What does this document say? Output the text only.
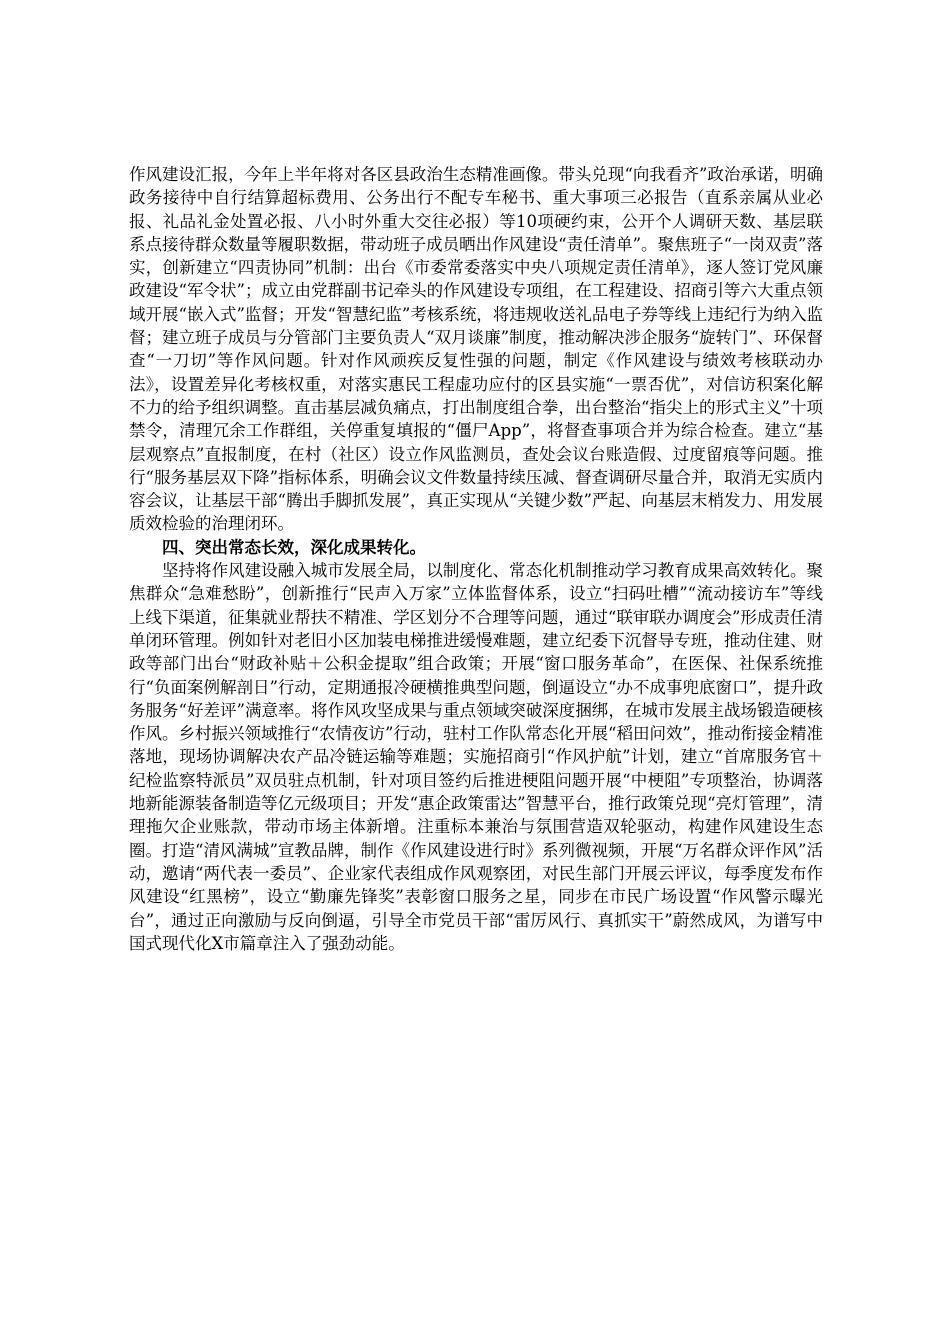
作风建设汇报，今年上半年将对各区县政治生态精准画像。带头兑现“向我看齐”政治承诺，明确政务接待中自行结算超标费用、公务出行不配专车秘书、重大事项三必报告（直系亲属从业必报、礼品礼金处置必报、八小时外重大交往必报）等10项硬约束，公开个人调研天数、基层联系点接待群众数量等履职数据，带动班子成员晒出作风建设“责任清单”。聚焦班子“一岗双责”落实，创新建立“四责协同”机制：出台《市委常委落实中央八项规定责任清单》，逐人签订党风廉政建设“军令状”；成立由党群副书记牵头的作风建设专项组，在工程建设、招商引等六大重点领域开展“嵌入式”监督；开发“智慧纪监”考核系统，将违规收送礼品电子券等线上违纪行为纳入监督；建立班子成员与分管部门主要负责人“双月谈廉”制度，推动解决涉企服务“旋转门”、环保督查“一刀切”等作风问题。针对作风顽疾反复性强的问题，制定《作风建设与绩效考核联动办法》，设置差异化考核权重，对落实惠民工程虚功应付的区县实施“一票否优”，对信访积案化解不力的给予组织调整。直击基层减负痛点，打出制度组合拳，出台整治“指尖上的形式主义”十项禁令，清理冗余工作群组，关停重复填报的“僵尸App”，将督查事项合并为综合检查。建立“基层观察点”直报制度，在村（社区）设立作风监测员，查处会议台账造假、过度留痕等问题。推行“服务基层双下降”指标体系，明确会议文件数量持续压减、督查调研尽量合并，取消无实质内容会议，让基层干部“腾出手脚抓发展”，真正实现从“关键少数”严起、向基层末梢发力、用发展质效检验的治理闭环。

四、突出常态长效，深化成果转化。

坚持将作风建设融入城市发展全局，以制度化、常态化机制推动学习教育成果高效转化。聚焦群众“急难愁盼”，创新推行“民声入万家”立体监督体系，设立“扫码吐槽”“流动接访车”等线上线下渠道，征集就业帮扶不精准、学区划分不合理等问题，通过“联审联办调度会”形成责任清单闭环管理。例如针对老旧小区加装电梯推进缓慢难题，建立纪委下沉督导专班，推动住建、财政等部门出台“财政补贴＋公积金提取”组合政策；开展“窗口服务革命”，在医保、社保系统推行“负面案例解剖日”行动，定期通报冷硬横推典型问题，倒逼设立“办不成事兜底窗口”，提升政务服务“好差评”满意率。将作风攻坚成果与重点领域突破深度捆绑，在城市发展主战场锻造硬核作风。乡村振兴领域推行“农情夜访”行动，驻村工作队常态化开展“稻田问效”，推动衔接金精准落地，现场协调解决农产品冷链运输等难题；实施招商引“作风护航”计划，建立“首席服务官＋纪检监察特派员”双员驻点机制，针对项目签约后推进梗阻问题开展“中梗阻”专项整治，协调落地新能源装备制造等亿元级项目；开发“惠企政策雷达”智慧平台，推行政策兑现“亮灯管理”，清理拖欠企业账款，带动市场主体新增。注重标本兼治与氛围营造双轮驱动，构建作风建设生态圈。打造“清风满城”宣教品牌，制作《作风建设进行时》系列微视频，开展“万名群众评作风”活动，邀请“两代表一委员”、企业家代表组成作风观察团，对民生部门开展云评议，每季度发布作风建设“红黑榜”，设立“勤廉先锋奖”表彰窗口服务之星，同步在市民广场设置“作风警示曝光台”，通过正向激励与反向倒逼，引导全市党员干部“雷厉风行、真抓实干”蔚然成风，为谱写中国式现代化X市篇章注入了强劲动能。
